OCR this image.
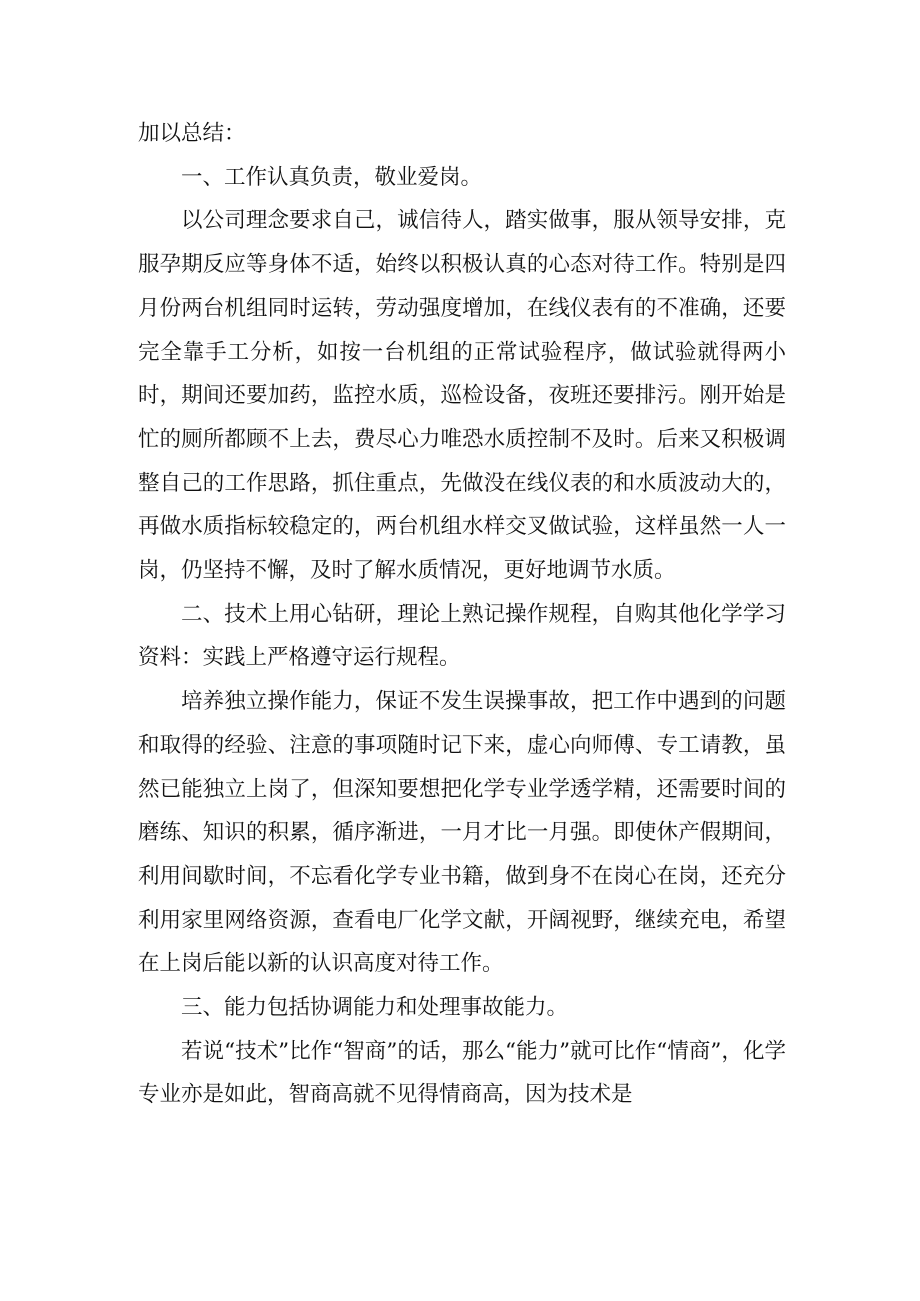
加以总结：

一、工作认真负责，敬业爱岗。

以公司理念要求自己，诚信待人，踏实做事，服从领导安排，克服孕期反应等身体不适，始终以积极认真的心态对待工作。特别是四月份两台机组同时运转，劳动强度增加，在线仪表有的不准确，还要完全靠手工分析，如按一台机组的正常试验程序，做试验就得两小时，期间还要加药，监控水质，巡检设备，夜班还要排污。刚开始是忙的厕所都顾不上去，费尽心力唯恐水质控制不及时。后来又积极调整自己的工作思路，抓住重点，先做没在线仪表的和水质波动大的，再做水质指标较稳定的，两台机组水样交叉做试验，这样虽然一人一岗，仍坚持不懈，及时了解水质情况，更好地调节水质。

二、技术上用心钻研，理论上熟记操作规程，自购其他化学学习资料：实践上严格遵守运行规程。

培养独立操作能力，保证不发生误操事故，把工作中遇到的问题和取得的经验、注意的事项随时记下来，虚心向师傅、专工请教，虽然已能独立上岗了，但深知要想把化学专业学透学精，还需要时间的磨练、知识的积累，循序渐进，一月才比一月强。即使休产假期间，利用间歇时间，不忘看化学专业书籍，做到身不在岗心在岗，还充分利用家里网络资源，查看电厂化学文献，开阔视野，继续充电，希望在上岗后能以新的认识高度对待工作。

三、能力包括协调能力和处理事故能力。

若说“技术”比作“智商”的话，那么“能力”就可比作“情商”，化学专业亦是如此，智商高就不见得情商高，因为技术是
